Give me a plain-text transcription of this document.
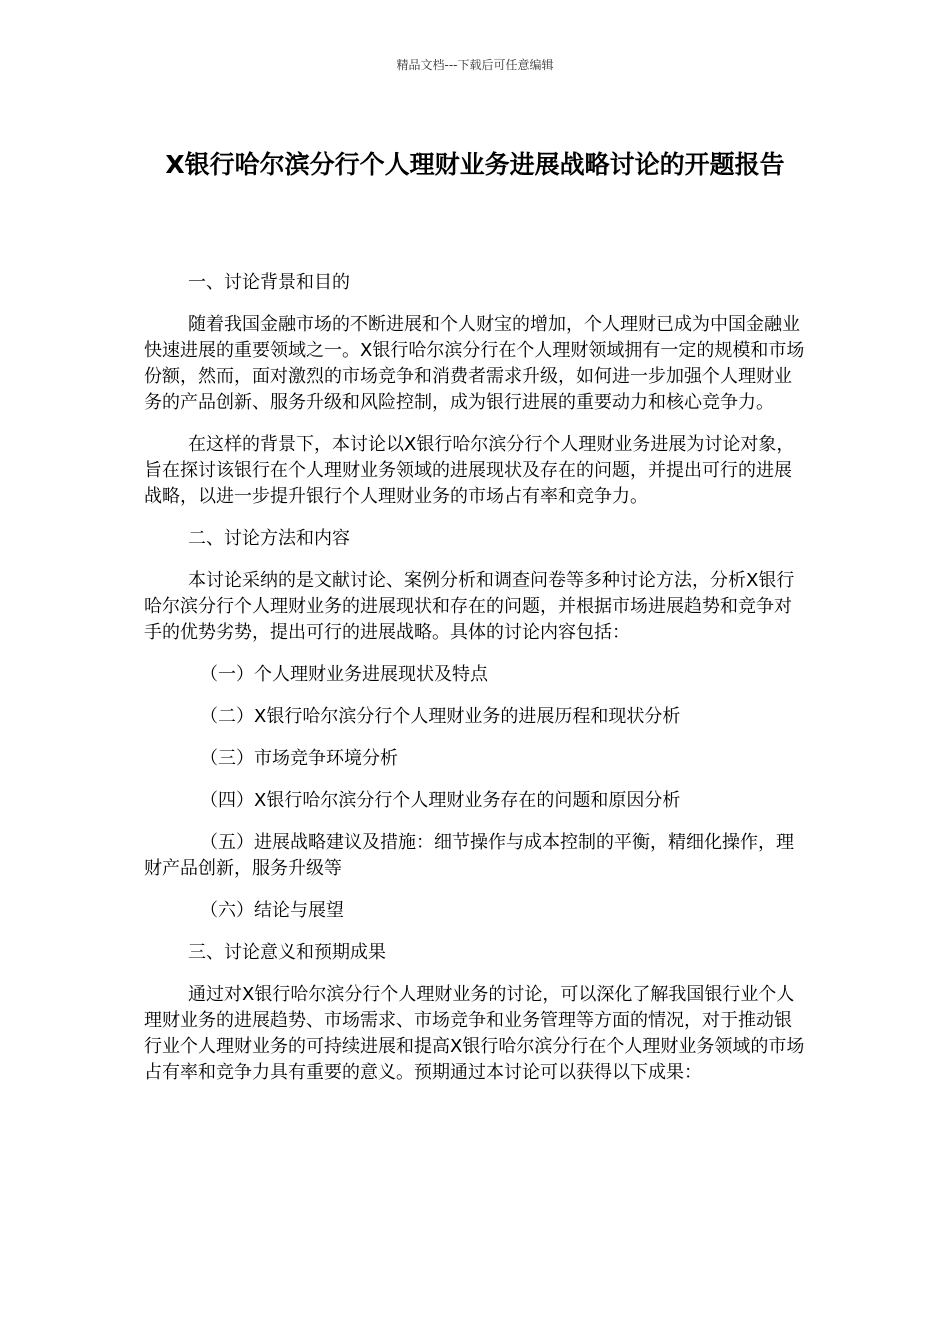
精品文档---下载后可任意编辑
X银行哈尔滨分行个人理财业务进展战略讨论的开题报告

一、讨论背景和目的

随着我国金融市场的不断进展和个人财宝的增加，个人理财已成为中国金融业快速进展的重要领域之一。X银行哈尔滨分行在个人理财领域拥有一定的规模和市场份额，然而，面对激烈的市场竞争和消费者需求升级，如何进一步加强个人理财业务的产品创新、服务升级和风险控制，成为银行进展的重要动力和核心竞争力。

在这样的背景下，本讨论以X银行哈尔滨分行个人理财业务进展为讨论对象，旨在探讨该银行在个人理财业务领域的进展现状及存在的问题，并提出可行的进展战略，以进一步提升银行个人理财业务的市场占有率和竞争力。

二、讨论方法和内容

本讨论采纳的是文献讨论、案例分析和调查问卷等多种讨论方法，分析X银行哈尔滨分行个人理财业务的进展现状和存在的问题，并根据市场进展趋势和竞争对手的优势劣势，提出可行的进展战略。具体的讨论内容包括：

（一）个人理财业务进展现状及特点

（二）X银行哈尔滨分行个人理财业务的进展历程和现状分析

（三）市场竞争环境分析

（四）X银行哈尔滨分行个人理财业务存在的问题和原因分析

（五）进展战略建议及措施：细节操作与成本控制的平衡，精细化操作，理财产品创新，服务升级等

（六）结论与展望

三、讨论意义和预期成果

通过对X银行哈尔滨分行个人理财业务的讨论，可以深化了解我国银行业个人理财业务的进展趋势、市场需求、市场竞争和业务管理等方面的情况，对于推动银行业个人理财业务的可持续进展和提高X银行哈尔滨分行在个人理财业务领域的市场占有率和竞争力具有重要的意义。预期通过本讨论可以获得以下成果：
